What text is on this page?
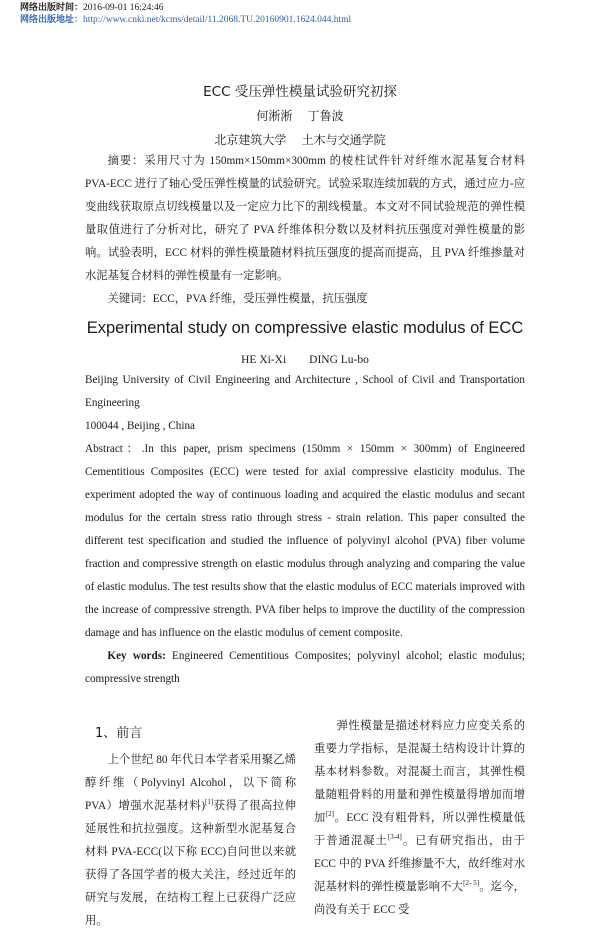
网络出版时间：2016-09-01 16:24:46
网络出版地址：http://www.cnki.net/kcms/detail/11.2068.TU.20160901.1624.044.html
ECC 受压弹性模量试验研究初探
何淅淅    丁鲁波
北京建筑大学    土木与交通学院
摘要：采用尺寸为 150mm×150mm×300mm 的棱柱试件针对纤维水泥基复合材料 PVA-ECC 进行了轴心受压弹性模量的试验研究。试验采取连续加载的方式，通过应力-应变曲线获取原点切线模量以及一定应力比下的割线模量。本文对不同试验规范的弹性模量取值进行了分析对比，研究了 PVA 纤维体积分数以及材料抗压强度对弹性模量的影响。试验表明，ECC 材料的弹性模量随材料抗压强度的提高而提高，且 PVA 纤维掺量对水泥基复合材料的弹性模量有一定影响。
关键词：ECC，PVA 纤维，受压弹性模量，抗压强度
Experimental study on compressive elastic modulus of ECC
HE Xi-Xi        DING Lu-bo
Beijing University of Civil Engineering and Architecture , School of Civil and Transportation Engineering
100044 , Beijing , China
Abstract：.In this paper, prism specimens (150mm × 150mm × 300mm) of Engineered Cementitious Composites (ECC) were tested for axial compressive elasticity modulus. The experiment adopted the way of continuous loading and acquired the elastic modulus and secant modulus for the certain stress ratio through stress - strain relation. This paper consulted the different test specification and studied the influence of polyvinyl alcohol (PVA) fiber volume fraction and compressive strength on elastic modulus through analyzing and comparing the value of elastic modulus. The test results show that the elastic modulus of ECC materials improved with the increase of compressive strength. PVA fiber helps to improve the ductility of the compression damage and has influence on the elastic modulus of cement composite.
Key words: Engineered Cementitious Composites; polyvinyl alcohol; elastic modulus; compressive strength
1、前言
上个世纪 80 年代日本学者采用聚乙烯醇纤维（Polyvinyl Alcohol，以下简称 PVA）增强水泥基材料)[1]获得了很高拉伸延展性和抗拉强度。这种新型水泥基复合材料 PVA-ECC(以下称 ECC)自问世以来就获得了各国学者的极大关注，经过近年的研究与发展，在结构工程上已获得广泛应用。
弹性模量是描述材料应力应变关系的重要力学指标，是混凝土结构设计计算的基本材料参数。对混凝土而言，其弹性模量随粗骨料的用量和弹性模量得增加而增加[2]。ECC 没有粗骨料，所以弹性模量低于普通混凝土[3-4]。已有研究指出，由于 ECC 中的 PVA 纤维掺量不大，故纤维对水泥基材料的弹性模量影响不大[2- 5]。迄今，尚没有关于 ECC 受
